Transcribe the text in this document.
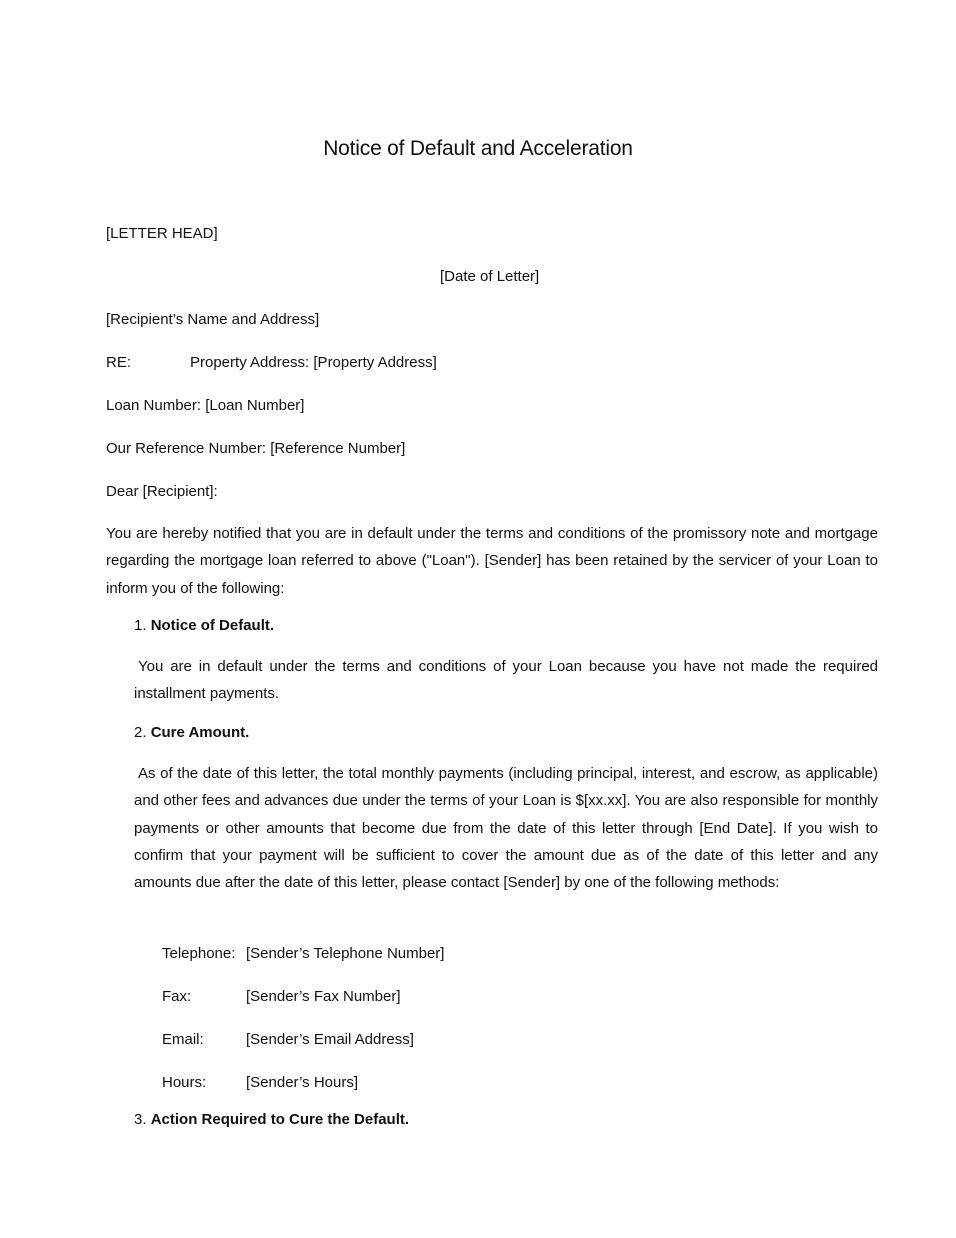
Notice of Default and Acceleration
[LETTER HEAD]
[Date of Letter]
[Recipient’s Name and Address]
RE:	Property Address: [Property Address]
Loan Number: [Loan Number]
Our Reference Number: [Reference Number]
Dear [Recipient]:
You are hereby notified that you are in default under the terms and conditions of the promissory note and mortgage regarding the mortgage loan referred to above ("Loan"). [Sender] has been retained by the servicer of your Loan to inform you of the following:
1. Notice of Default.
You are in default under the terms and conditions of your Loan because you have not made the required installment payments.
2. Cure Amount.
As of the date of this letter, the total monthly payments (including principal, interest, and escrow, as applicable) and other fees and advances due under the terms of your Loan is $[xx.xx]. You are also responsible for monthly payments or other amounts that become due from the date of this letter through [End Date]. If you wish to confirm that your payment will be sufficient to cover the amount due as of the date of this letter and any amounts due after the date of this letter, please contact [Sender] by one of the following methods:
Telephone: [Sender’s Telephone Number]
Fax:	[Sender’s Fax Number]
Email:	[Sender’s Email Address]
Hours:	[Sender’s Hours]
3. Action Required to Cure the Default.
